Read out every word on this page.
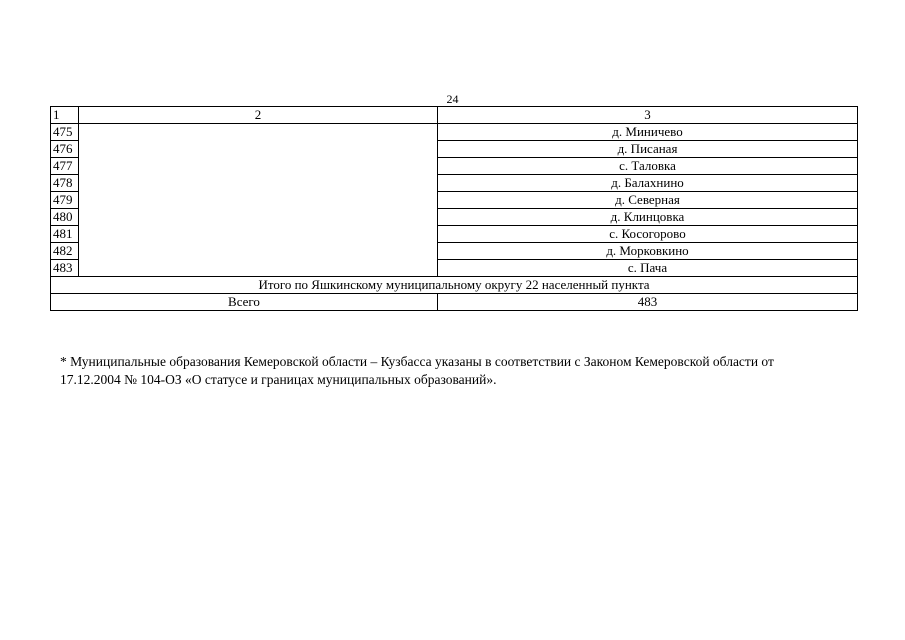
24
1	2	3
475		д. Миничево
476		д. Писаная
477		с. Таловка
478		д. Балахнино
479		д. Северная
480		д. Клинцовка
481		с. Косогорово
482		д. Морковкино
483		с. Пача
Итого по Яшкинскому муниципальному округу 22 населенный пункта		
Всего		483

* Муниципальные образования Кемеровской области – Кузбасса указаны в соответствии с Законом Кемеровской области от 17.12.2004 № 104-ОЗ «О статусе и границах муниципальных образований».
